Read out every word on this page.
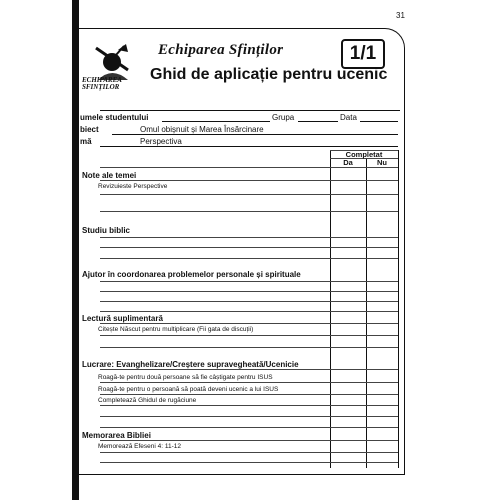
31
ECHIPAREA
SFINȚILOR
Echiparea Sfinților	1/1
Ghid de aplicație pentru ucenic
umele studentului	Grupa	Data
biect	Omul obișnuit și Marea Însărcinare
mă	Perspectiva
Completat
Da	Nu
Note ale temei
Revizuieste Perspective
Studiu biblic
Ajutor în coordonarea problemelor personale și spirituale
Lectură suplimentară
Citește Născut pentru multiplicare (Fii gata de discuții)
Lucrare: Evanghelizare/Creștere supravegheată/Ucenicie
Roagă-te pentru două persoane să fie câștigate pentru ISUS
Roagă-te pentru o persoană să poată deveni ucenic a lui ISUS
Completează Ghidul de rugăciune
Memorarea Bibliei
Memorează Efeseni 4: 11-12
